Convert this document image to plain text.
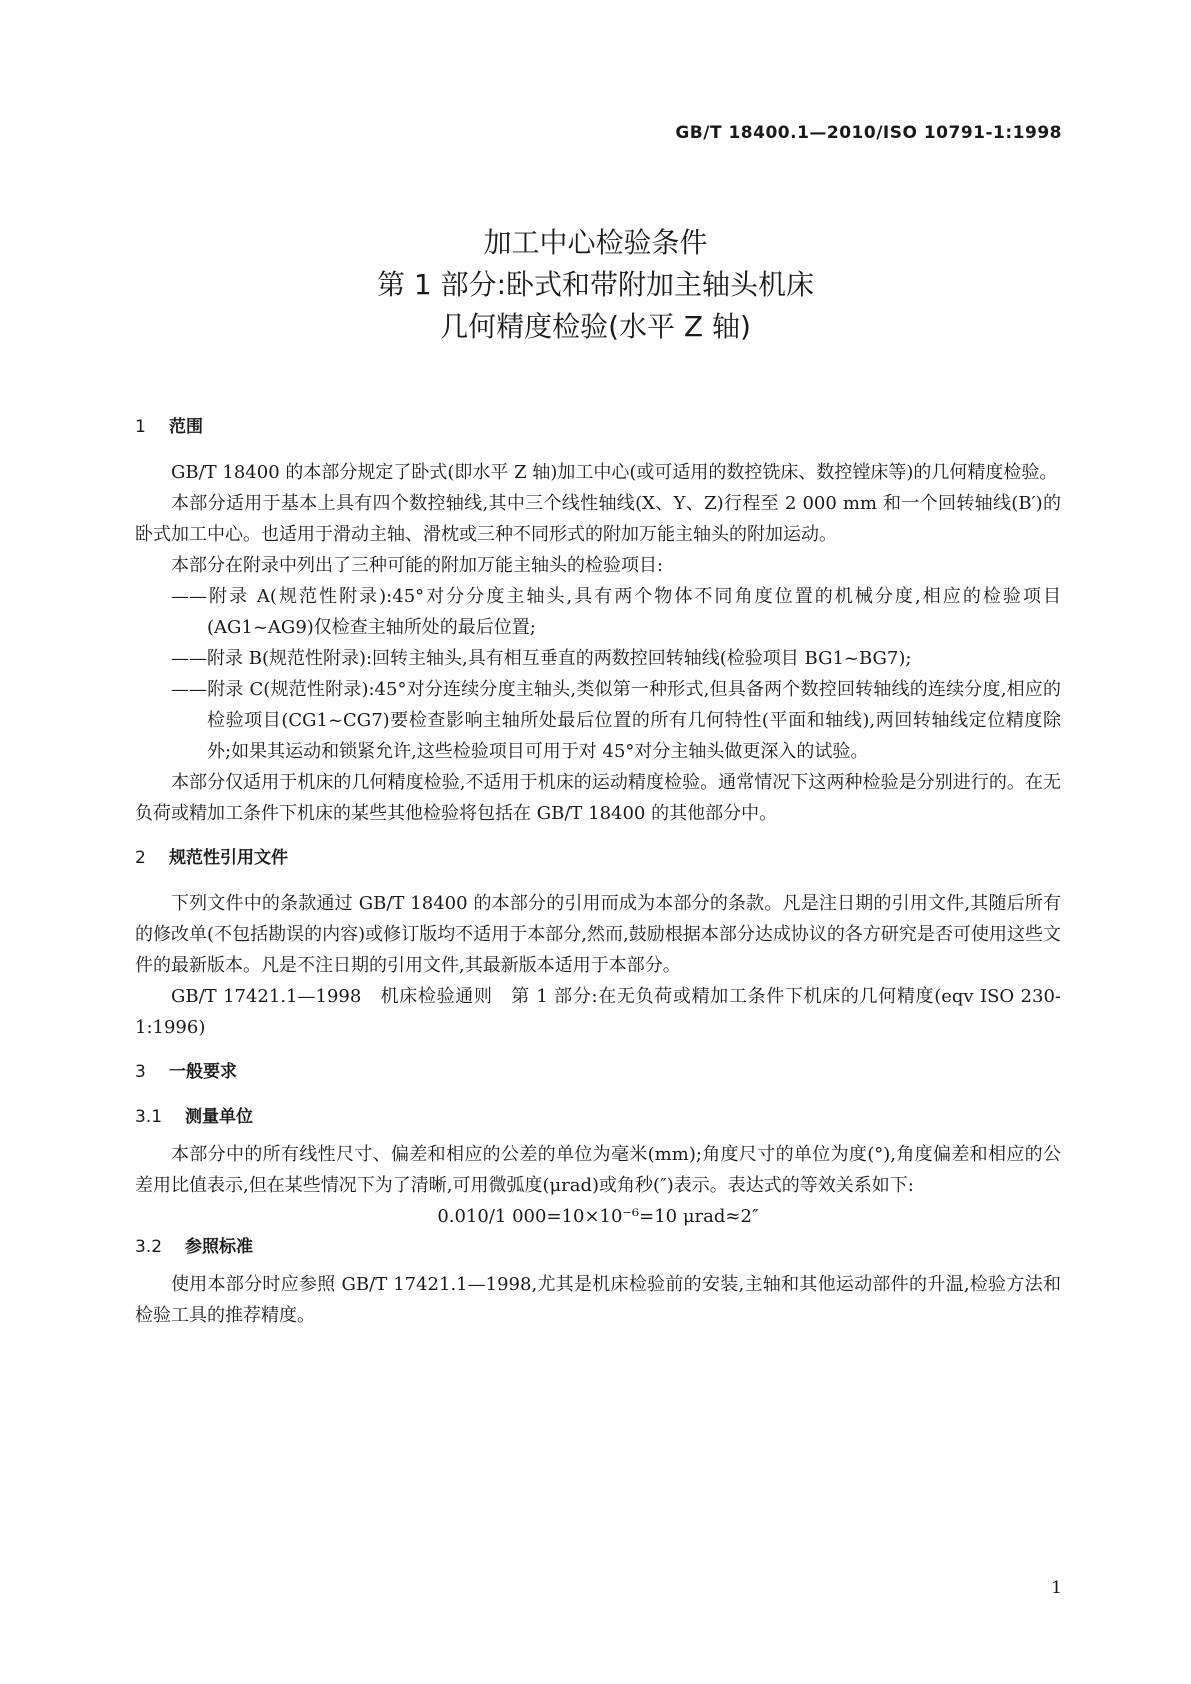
GB/T 18400.1—2010/ISO 10791-1:1998
加工中心检验条件
第 1 部分:卧式和带附加主轴头机床
几何精度检验(水平 Z 轴)
1 范围

GB/T 18400 的本部分规定了卧式(即水平 Z 轴)加工中心(或可适用的数控铣床、数控镗床等)的几何精度检验。

本部分适用于基本上具有四个数控轴线,其中三个线性轴线(X、Y、Z)行程至 2 000 mm 和一个回转轴线(B′)的卧式加工中心。也适用于滑动主轴、滑枕或三种不同形式的附加万能主轴头的附加运动。

本部分在附录中列出了三种可能的附加万能主轴头的检验项目:

——附录 A(规范性附录):45°对分分度主轴头,具有两个物体不同角度位置的机械分度,相应的检验项目(AG1~AG9)仅检查主轴所处的最后位置;
——附录 B(规范性附录):回转主轴头,具有相互垂直的两数控回转轴线(检验项目 BG1~BG7);
——附录 C(规范性附录):45°对分连续分度主轴头,类似第一种形式,但具备两个数控回转轴线的连续分度,相应的检验项目(CG1~CG7)要检查影响主轴所处最后位置的所有几何特性(平面和轴线),两回转轴线定位精度除外;如果其运动和锁紧允许,这些检验项目可用于对 45°对分主轴头做更深入的试验。

本部分仅适用于机床的几何精度检验,不适用于机床的运动精度检验。通常情况下这两种检验是分别进行的。在无负荷或精加工条件下机床的某些其他检验将包括在 GB/T 18400 的其他部分中。

2 规范性引用文件

下列文件中的条款通过 GB/T 18400 的本部分的引用而成为本部分的条款。凡是注日期的引用文件,其随后所有的修改单(不包括勘误的内容)或修订版均不适用于本部分,然而,鼓励根据本部分达成协议的各方研究是否可使用这些文件的最新版本。凡是不注日期的引用文件,其最新版本适用于本部分。

GB/T 17421.1—1998　机床检验通则　第 1 部分:在无负荷或精加工条件下机床的几何精度(eqv ISO 230-1:1996)
3 一般要求
3.1 测量单位

本部分中的所有线性尺寸、偏差和相应的公差的单位为毫米(mm);角度尺寸的单位为度(°),角度偏差和相应的公差用比值表示,但在某些情况下为了清晰,可用微弧度(μrad)或角秒(″)表示。表达式的等效关系如下:

0.010/1 000=10×10⁻⁶=10 μrad≈2″
3.2 参照标准

使用本部分时应参照 GB/T 17421.1—1998,尤其是机床检验前的安装,主轴和其他运动部件的升温,检验方法和检验工具的推荐精度。

1
